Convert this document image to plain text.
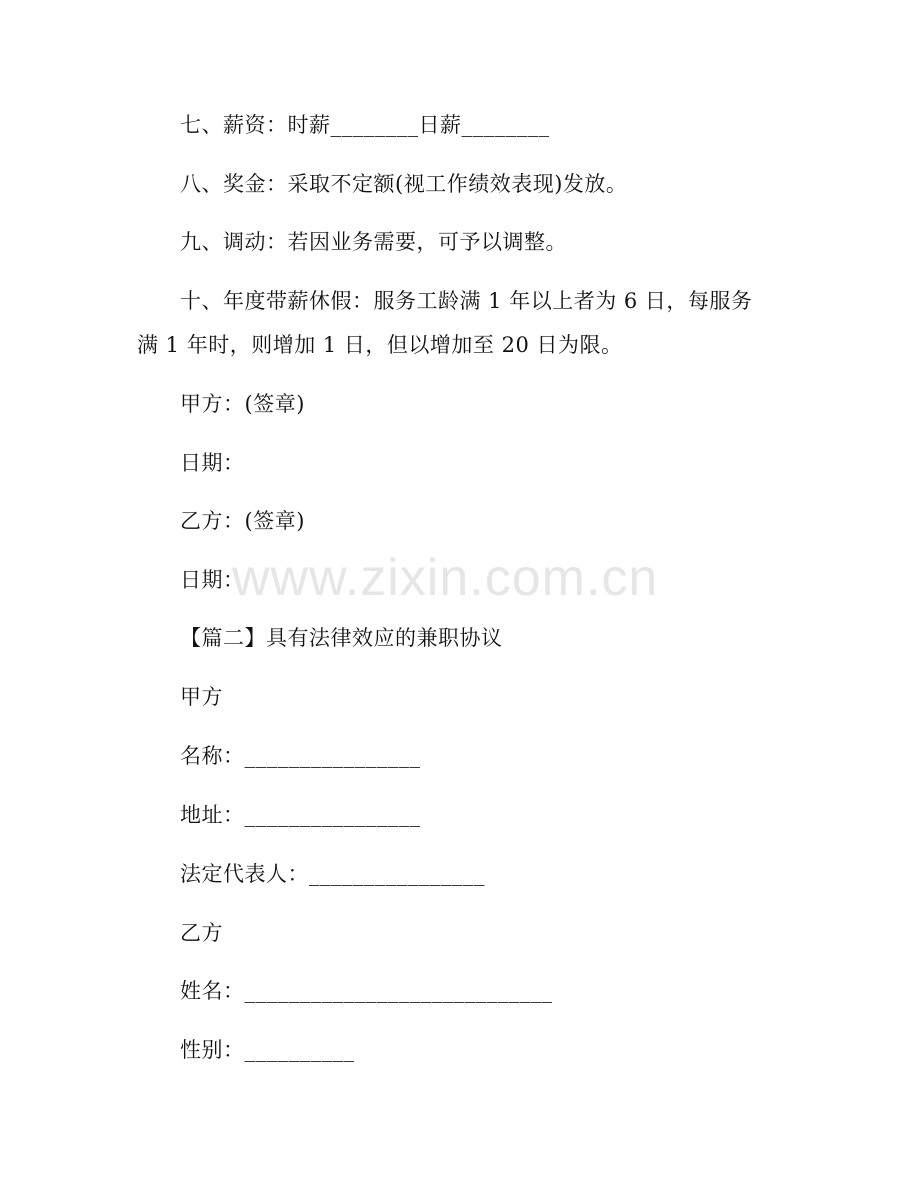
www.zixin.com.cn
七、薪资：时薪________日薪________
八、奖金：采取不定额(视工作绩效表现)发放。
九、调动：若因业务需要，可予以调整。
十、年度带薪休假：服务工龄满 1 年以上者为 6 日，每服务
满 1 年时，则增加 1 日，但以增加至 20 日为限。
甲方：(签章)
日期：
乙方：(签章)
日期：
【篇二】具有法律效应的兼职协议
甲方
名称：________________
地址：________________
法定代表人：________________
乙方
姓名：____________________________
性别：__________
